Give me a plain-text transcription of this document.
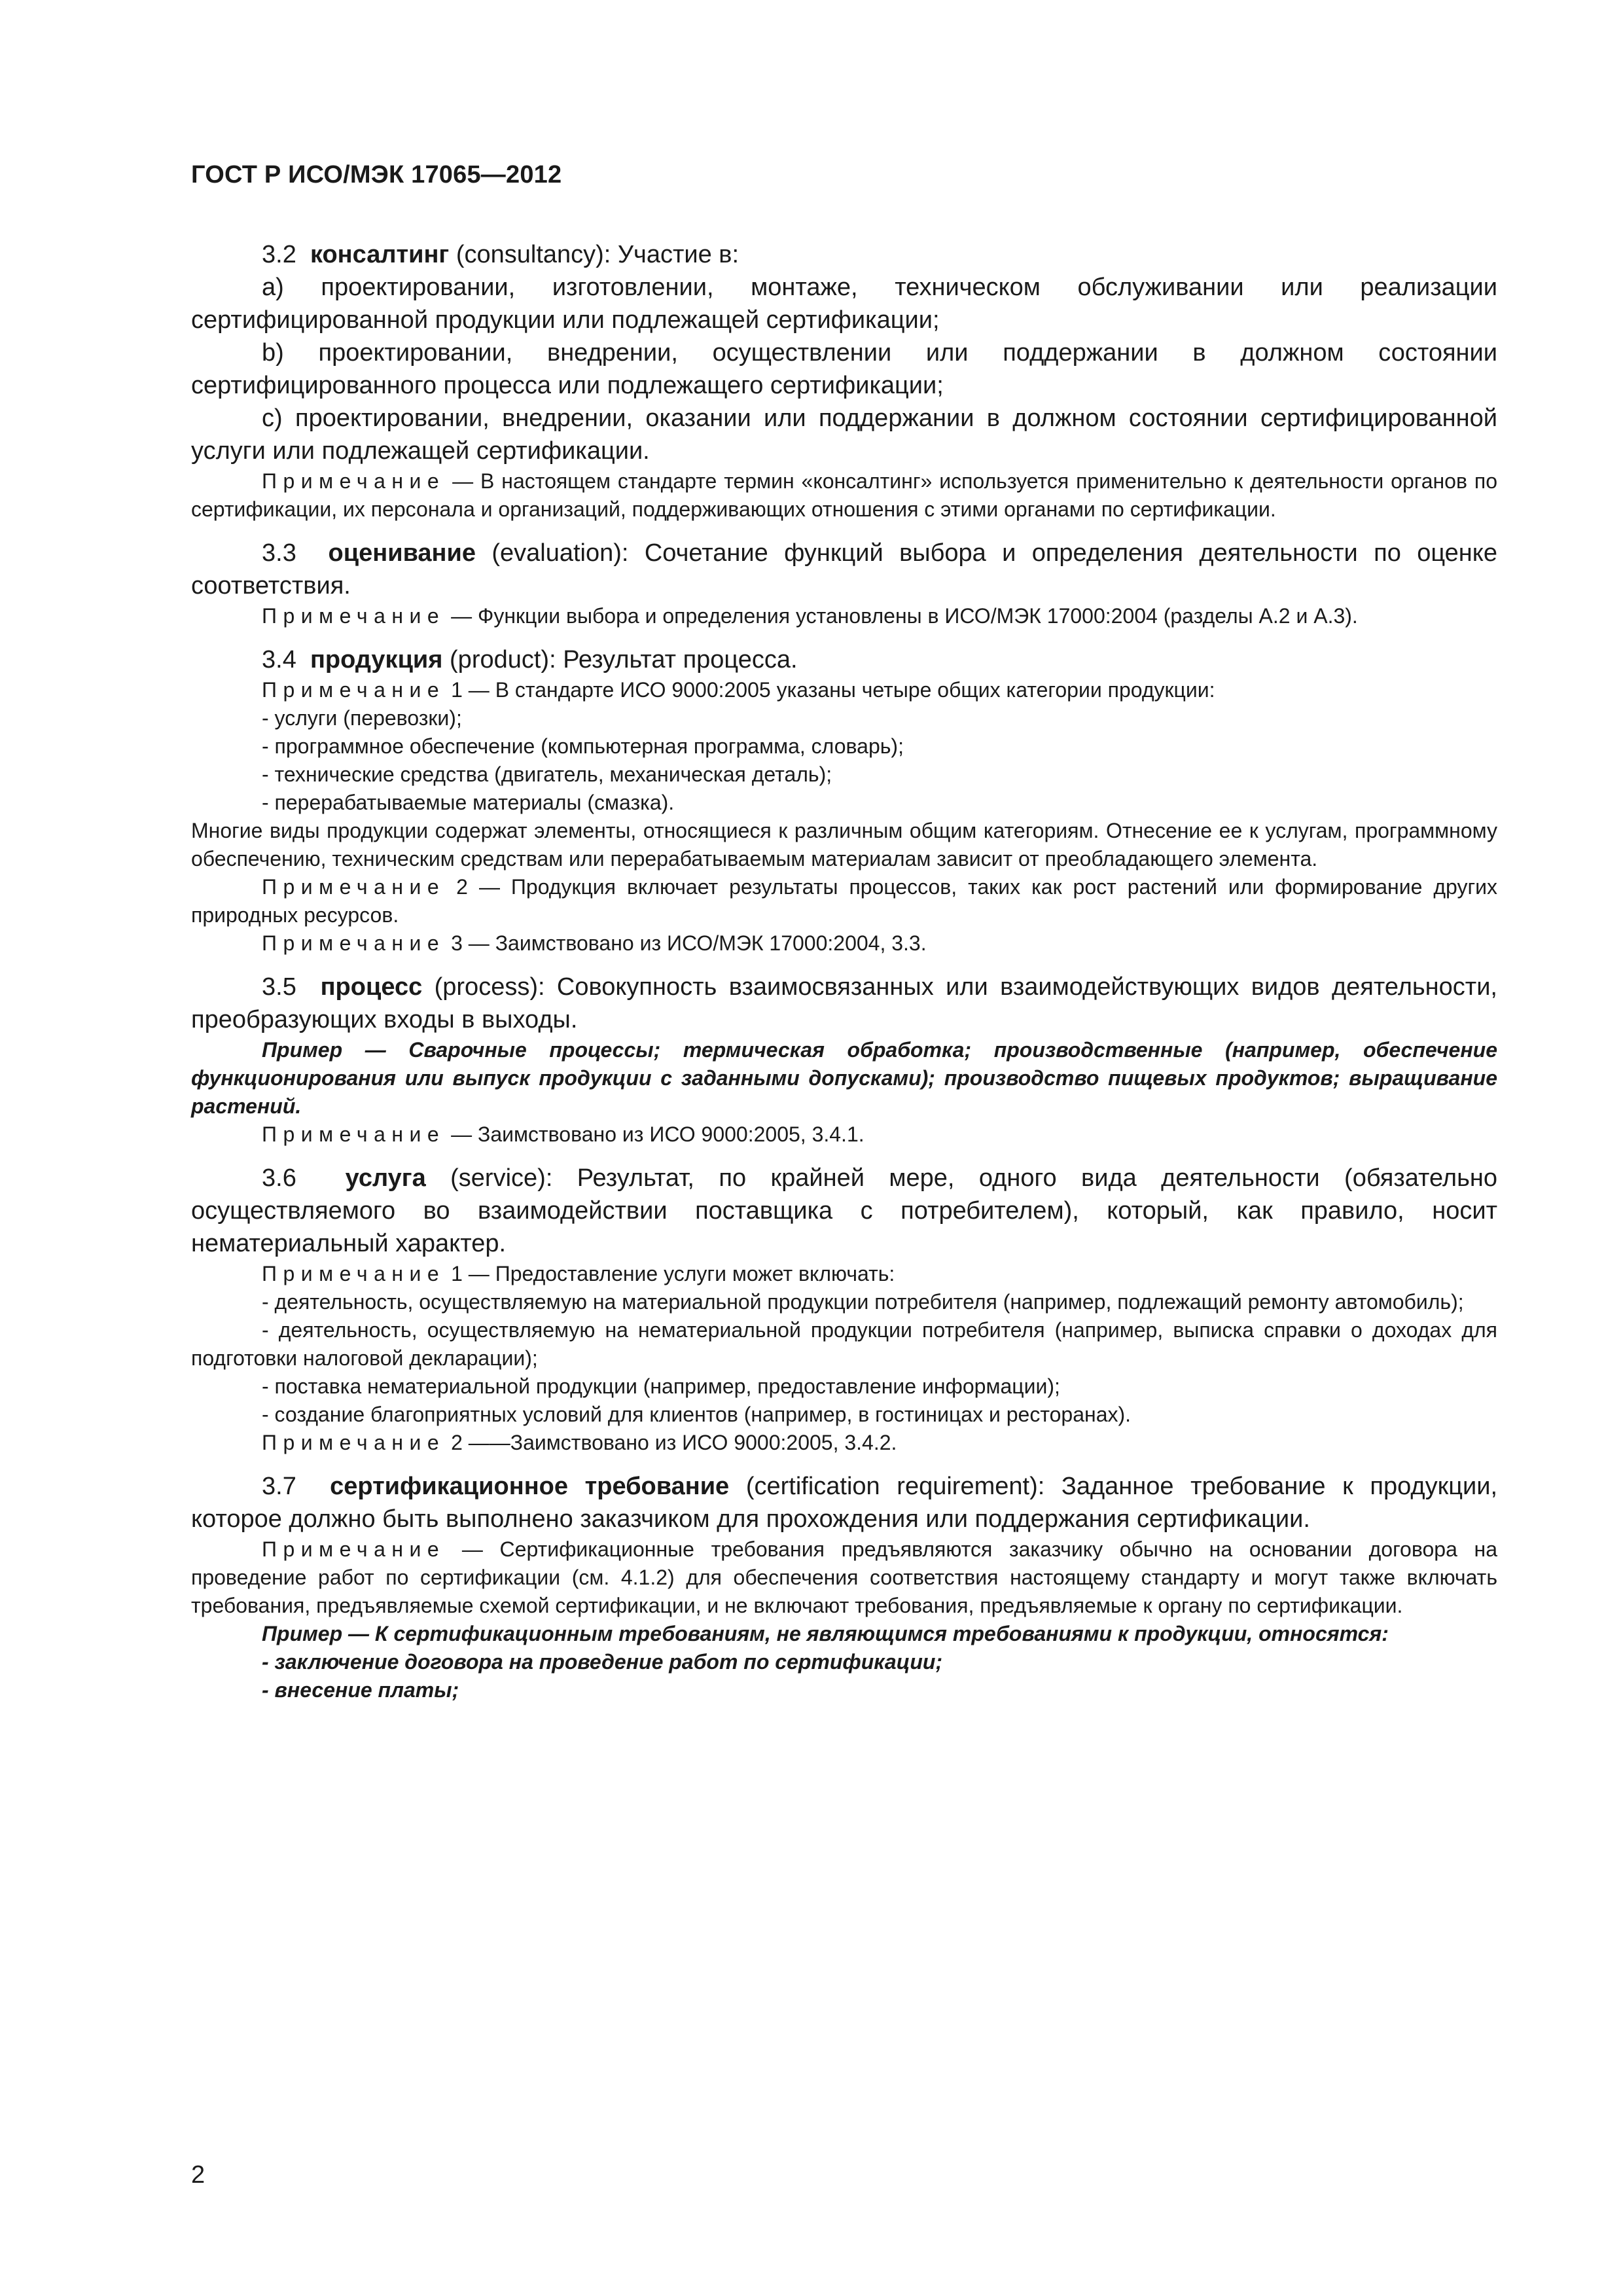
ГОСТ Р ИСО/МЭК 17065—2012

3.2 консалтинг (consultancy): Участие в:

a) проектировании, изготовлении, монтаже, техническом обслуживании или реализации сертифицированной продукции или подлежащей сертификации;

b) проектировании, внедрении, осуществлении или поддержании в должном состоянии сертифицированного процесса или подлежащего сертификации;

c) проектировании, внедрении, оказании или поддержании в должном состоянии сертифицированной услуги или подлежащей сертификации.

Примечание — В настоящем стандарте термин «консалтинг» используется применительно к деятельности органов по сертификации, их персонала и организаций, поддерживающих отношения с этими органами по сертификации.

3.3 оценивание (evaluation): Сочетание функций выбора и определения деятельности по оценке соответствия.

Примечание — Функции выбора и определения установлены в ИСО/МЭК 17000:2004 (разделы А.2 и А.3).

3.4 продукция (product): Результат процесса.

Примечание 1 — В стандарте ИСО 9000:2005 указаны четыре общих категории продукции:

- услуги (перевозки);

- программное обеспечение (компьютерная программа, словарь);

- технические средства (двигатель, механическая деталь);

- перерабатываемые материалы (смазка).

Многие виды продукции содержат элементы, относящиеся к различным общим категориям. Отнесение ее к услугам, программному обеспечению, техническим средствам или перерабатываемым материалам зависит от преобладающего элемента.

Примечание 2 — Продукция включает результаты процессов, таких как рост растений или формирование других природных ресурсов.

Примечание 3 — Заимствовано из ИСО/МЭК 17000:2004, 3.3.

3.5 процесс (process): Совокупность взаимосвязанных или взаимодействующих видов деятельности, преобразующих входы в выходы.

Пример — Сварочные процессы; термическая обработка; производственные (например, обеспечение функционирования или выпуск продукции с заданными допусками); производство пищевых продуктов; выращивание растений.

Примечание — Заимствовано из ИСО 9000:2005, 3.4.1.

3.6 услуга (service): Результат, по крайней мере, одного вида деятельности (обязательно осуществляемого во взаимодействии поставщика с потребителем), который, как правило, носит нематериальный характер.

Примечание 1 — Предоставление услуги может включать:

- деятельность, осуществляемую на материальной продукции потребителя (например, подлежащий ремонту автомобиль);

- деятельность, осуществляемую на нематериальной продукции потребителя (например, выписка справки о доходах для подготовки налоговой декларации);

- поставка нематериальной продукции (например, предоставление информации);

- создание благоприятных условий для клиентов (например, в гостиницах и ресторанах).

Примечание 2 ——Заимствовано из ИСО 9000:2005, 3.4.2.

3.7 сертификационное требование (certification requirement): Заданное требование к продукции, которое должно быть выполнено заказчиком для прохождения или поддержания сертификации.

Примечание — Сертификационные требования предъявляются заказчику обычно на основании договора на проведение работ по сертификации (см. 4.1.2) для обеспечения соответствия настоящему стандарту и могут также включать требования, предъявляемые схемой сертификации, и не включают требования, предъявляемые к органу по сертификации.

Пример — К сертификационным требованиям, не являющимся требованиями к продукции, относятся:

- заключение договора на проведение работ по сертификации;

- внесение платы;

2
